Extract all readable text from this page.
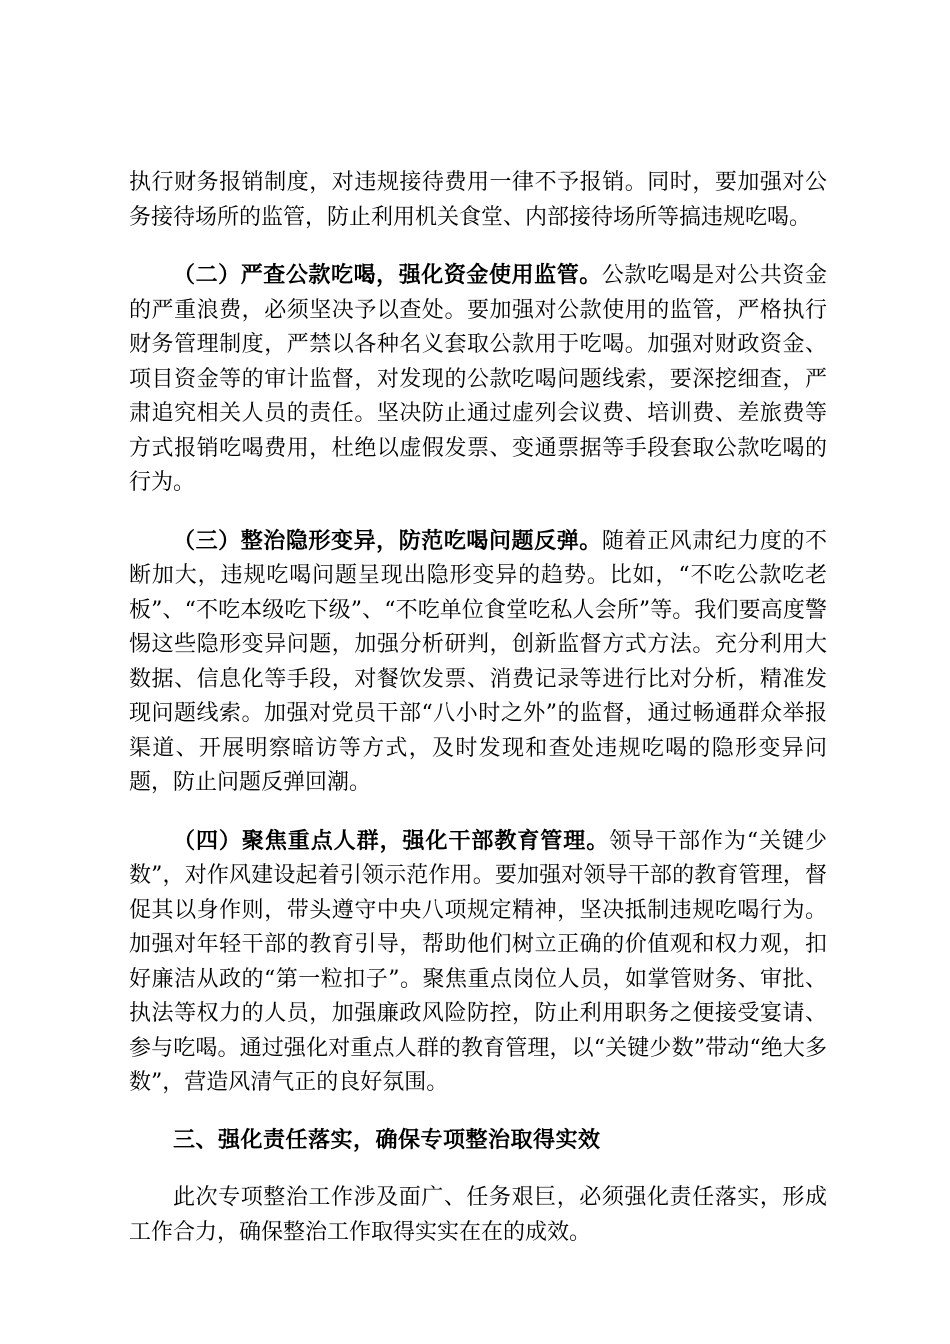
执行财务报销制度，对违规接待费用一律不予报销。同时，要加强对公务接待场所的监管，防止利用机关食堂、内部接待场所等搞违规吃喝。

（二）严查公款吃喝，强化资金使用监管。公款吃喝是对公共资金的严重浪费，必须坚决予以查处。要加强对公款使用的监管，严格执行财务管理制度，严禁以各种名义套取公款用于吃喝。加强对财政资金、项目资金等的审计监督，对发现的公款吃喝问题线索，要深挖细查，严肃追究相关人员的责任。坚决防止通过虚列会议费、培训费、差旅费等方式报销吃喝费用，杜绝以虚假发票、变通票据等手段套取公款吃喝的行为。

（三）整治隐形变异，防范吃喝问题反弹。随着正风肃纪力度的不断加大，违规吃喝问题呈现出隐形变异的趋势。比如，“不吃公款吃老板”、“不吃本级吃下级”、“不吃单位食堂吃私人会所”等。我们要高度警惕这些隐形变异问题，加强分析研判，创新监督方式方法。充分利用大数据、信息化等手段，对餐饮发票、消费记录等进行比对分析，精准发现问题线索。加强对党员干部“八小时之外”的监督，通过畅通群众举报渠道、开展明察暗访等方式，及时发现和查处违规吃喝的隐形变异问题，防止问题反弹回潮。

（四）聚焦重点人群，强化干部教育管理。领导干部作为“关键少数”，对作风建设起着引领示范作用。要加强对领导干部的教育管理，督促其以身作则，带头遵守中央八项规定精神，坚决抵制违规吃喝行为。加强对年轻干部的教育引导，帮助他们树立正确的价值观和权力观，扣好廉洁从政的“第一粒扣子”。聚焦重点岗位人员，如掌管财务、审批、执法等权力的人员，加强廉政风险防控，防止利用职务之便接受宴请、参与吃喝。通过强化对重点人群的教育管理，以“关键少数”带动“绝大多数”，营造风清气正的良好氛围。

三、强化责任落实，确保专项整治取得实效

此次专项整治工作涉及面广、任务艰巨，必须强化责任落实，形成工作合力，确保整治工作取得实实在在的成效。
